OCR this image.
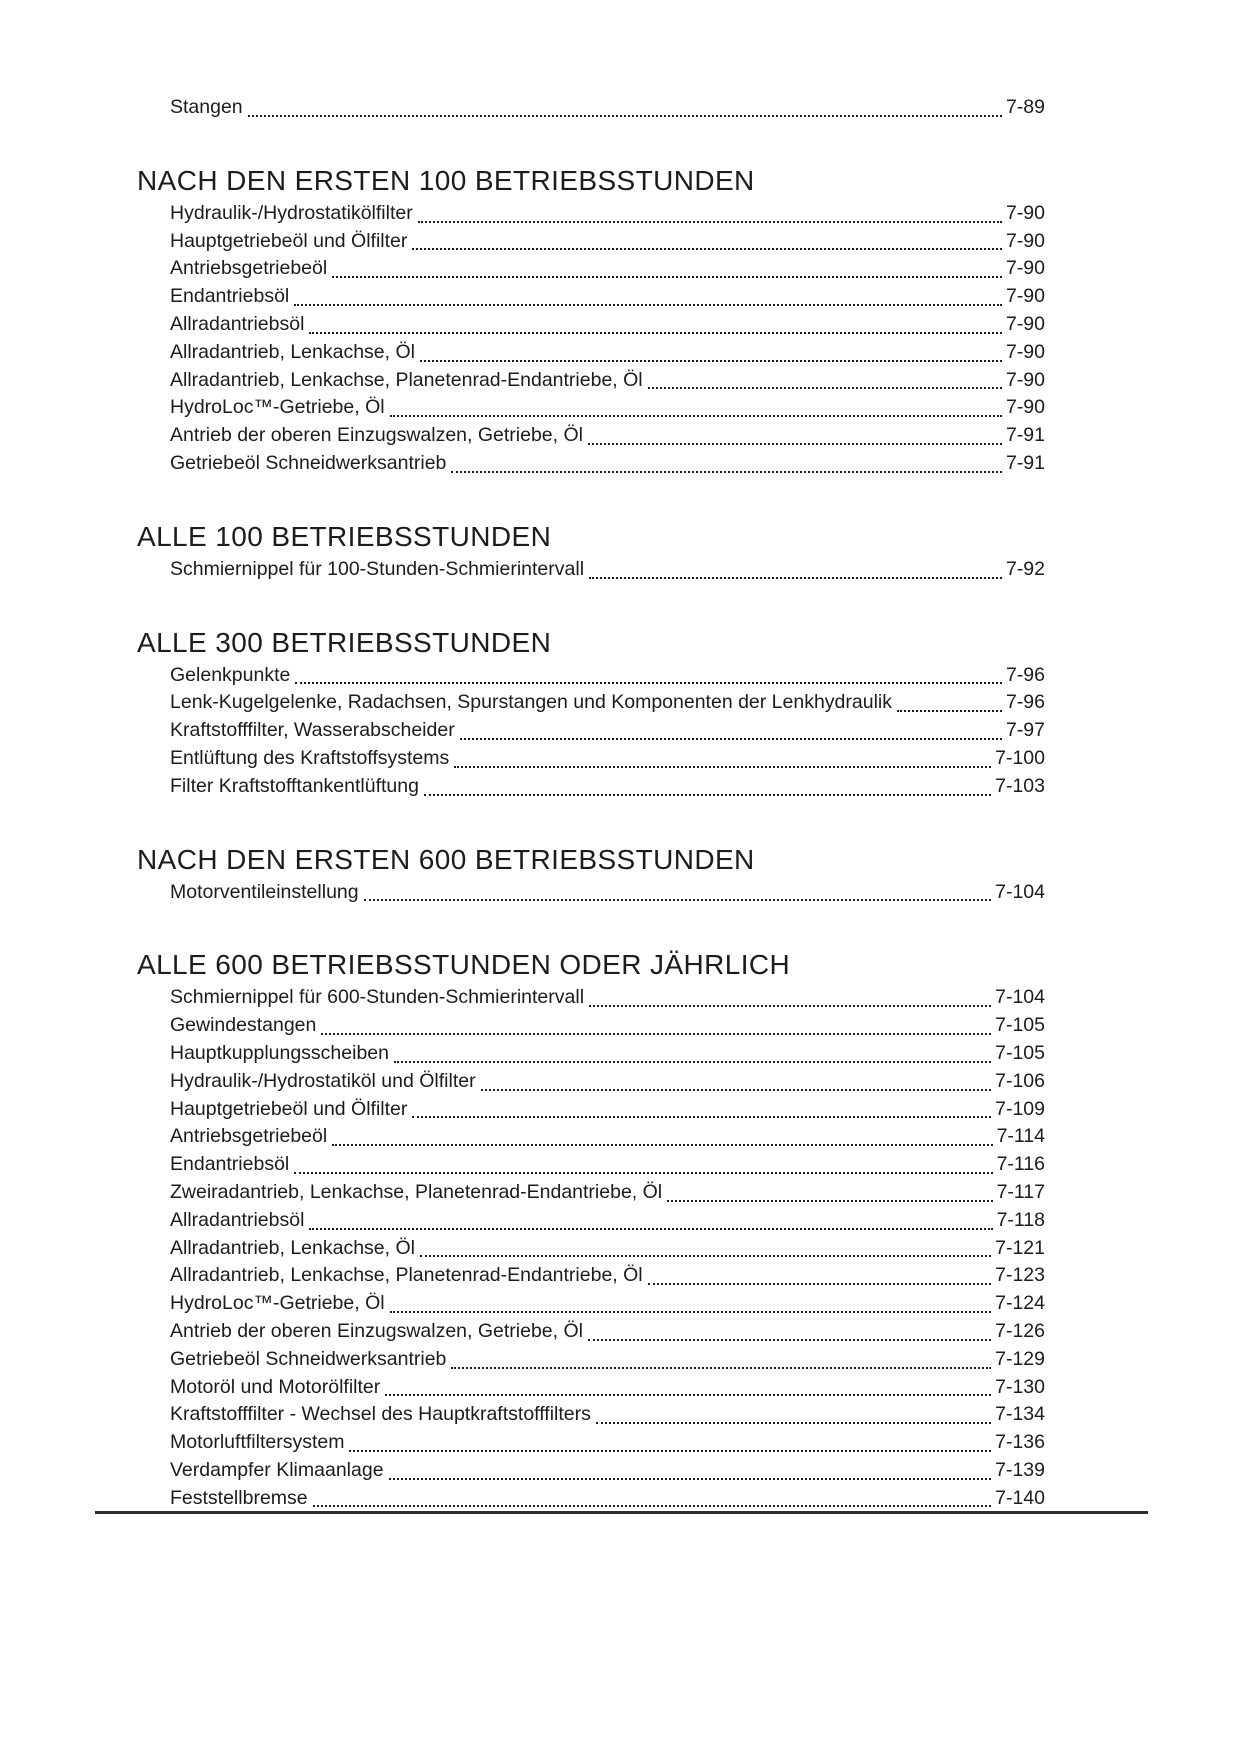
Stangen	7-89
NACH DEN ERSTEN 100 BETRIEBSSTUNDEN
Hydraulik-/Hydrostatikölfilter	7-90
Hauptgetriebeöl und Ölfilter	7-90
Antriebsgetriebeöl	7-90
Endantriebsöl	7-90
Allradantriebsöl	7-90
Allradantrieb, Lenkachse, Öl	7-90
Allradantrieb, Lenkachse, Planetenrad-Endantriebe, Öl	7-90
HydroLoc™-Getriebe, Öl	7-90
Antrieb der oberen Einzugswalzen, Getriebe, Öl	7-91
Getriebeöl Schneidwerksantrieb	7-91
ALLE 100 BETRIEBSSTUNDEN
Schmiernippel für 100-Stunden-Schmierintervall	7-92
ALLE 300 BETRIEBSSTUNDEN
Gelenkpunkte	7-96
Lenk-Kugelgelenke, Radachsen, Spurstangen und Komponenten der Lenkhydraulik	7-96
Kraftstofffilter, Wasserabscheider	7-97
Entlüftung des Kraftstoffsystems	7-100
Filter Kraftstofftankentlüftung	7-103
NACH DEN ERSTEN 600 BETRIEBSSTUNDEN
Motorventileinstellung	7-104
ALLE 600 BETRIEBSSTUNDEN ODER JÄHRLICH
Schmiernippel für 600-Stunden-Schmierintervall	7-104
Gewindestangen	7-105
Hauptkupplungsscheiben	7-105
Hydraulik-/Hydrostatiköl und Ölfilter	7-106
Hauptgetriebeöl und Ölfilter	7-109
Antriebsgetriebeöl	7-114
Endantriebsöl	7-116
Zweiradantrieb, Lenkachse, Planetenrad-Endantriebe, Öl	7-117
Allradantriebsöl	7-118
Allradantrieb, Lenkachse, Öl	7-121
Allradantrieb, Lenkachse, Planetenrad-Endantriebe, Öl	7-123
HydroLoc™-Getriebe, Öl	7-124
Antrieb der oberen Einzugswalzen, Getriebe, Öl	7-126
Getriebeöl Schneidwerksantrieb	7-129
Motoröl und Motorölfilter	7-130
Kraftstofffilter - Wechsel des Hauptkraftstofffilters	7-134
Motorluftfiltersystem	7-136
Verdampfer Klimaanlage	7-139
Feststellbremse	7-140
